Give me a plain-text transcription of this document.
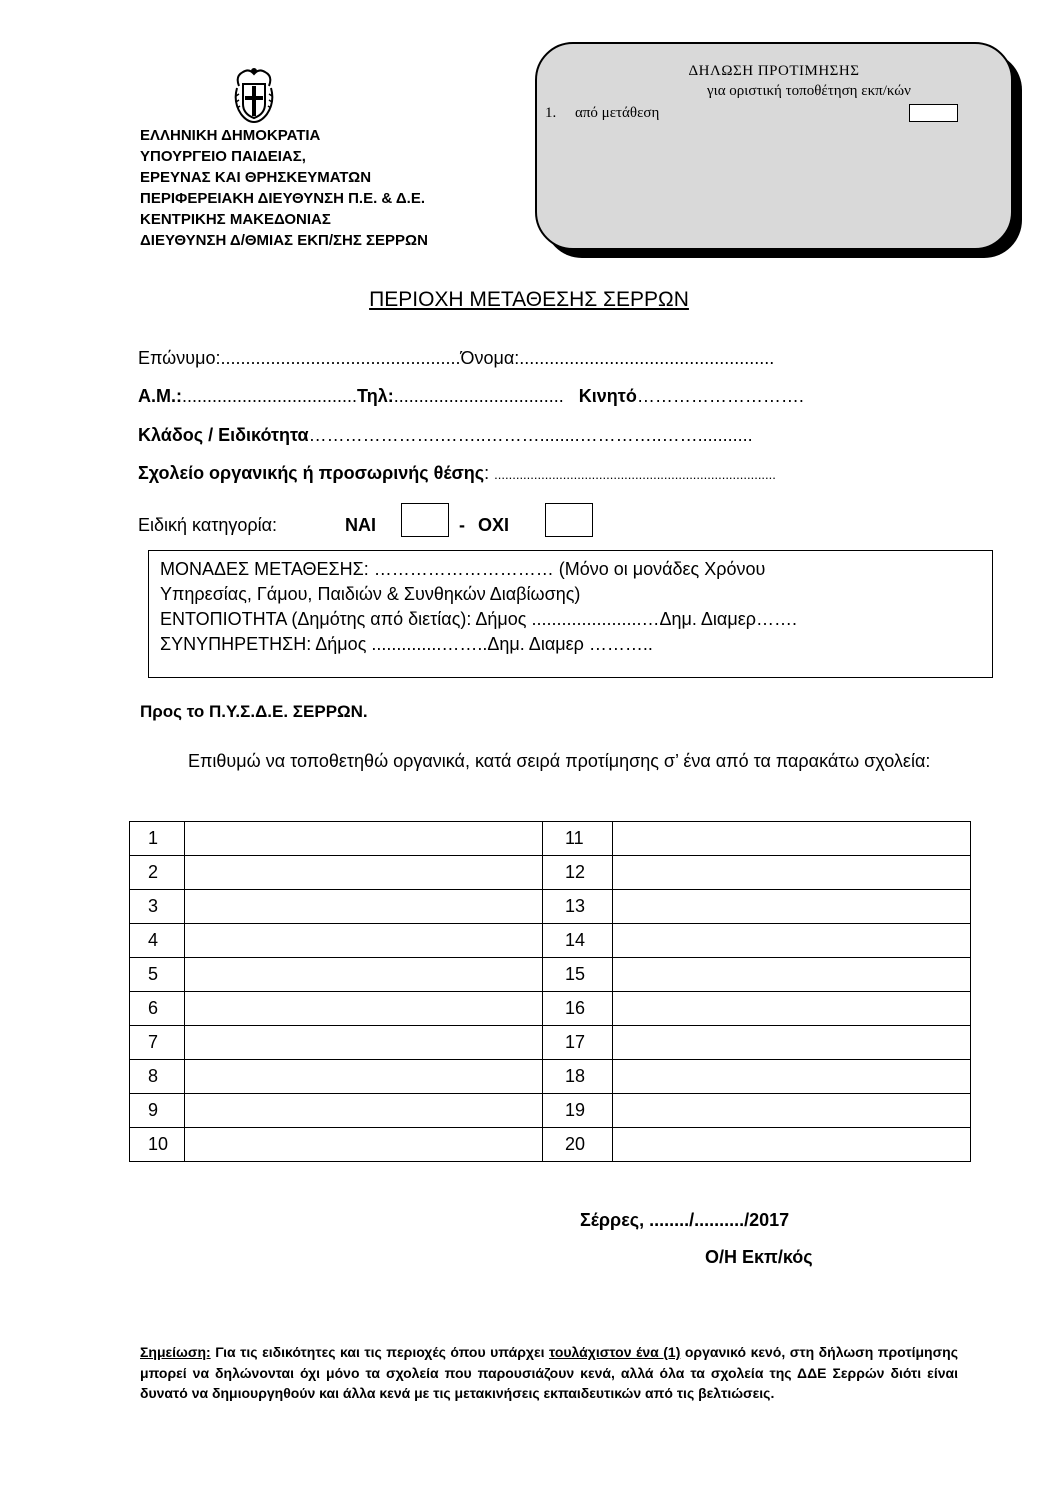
ΕΛΛΗΝΙΚΗ ΔΗΜΟΚΡΑΤΙΑ
ΥΠΟΥΡΓΕΙΟ ΠΑΙΔΕΙΑΣ,
ΕΡΕΥΝΑΣ ΚΑΙ ΘΡΗΣΚΕΥΜΑΤΩΝ
ΠΕΡΙΦΕΡΕΙΑΚΗ ΔΙΕΥΘΥΝΣΗ Π.Ε. & Δ.Ε.
ΚΕΝΤΡΙΚΗΣ ΜΑΚΕΔΟΝΙΑΣ
ΔΙΕΥΘΥΝΣΗ Δ/ΘΜΙΑΣ ΕΚΠ/ΣΗΣ ΣΕΡΡΩΝ
ΔΗΛΩΣΗ ΠΡΟΤΙΜΗΣΗΣ
για οριστική τοποθέτηση εκπ/κών
1. από μετάθεση
ΠΕΡΙΟΧΗ ΜΕΤΑΘΕΣΗΣ ΣΕΡΡΩΝ
Επώνυμο:................................................Όνομα:...................................................
Α.Μ.:...................................Τηλ:.................................. Κινητό……………………….
Κλάδος / Ειδικότητα………………….……..………........…………..……...........
Σχολείο οργανικής ή προσωρινής θέσης: ..............................................................................
Ειδική κατηγορία:	ΝΑΙ	- ΟΧΙ
ΜΟΝΑΔΕΣ ΜΕΤΑΘΕΣΗΣ: ………………………… (Μόνο οι μονάδες Χρόνου
Υπηρεσίας, Γάμου, Παιδιών & Συνθηκών Διαβίωσης)
ΕΝΤΟΠΙΟΤΗΤΑ (Δημότης από διετίας): Δήμος ......................…Δημ. Διαμερ…….
ΣΥΝΥΠΗΡΕΤΗΣΗ: Δήμος ..............……..Δημ. Διαμερ ………..
Προς το Π.Υ.Σ.Δ.Ε. ΣΕΡΡΩΝ.
Επιθυμώ να τοποθετηθώ οργανικά, κατά σειρά προτίμησης σ’ ένα από τα παρακάτω σχολεία:
1		11	
2		12	
3		13	
4		14	
5		15	
6		16	
7		17	
8		18	
9		19	
10		20	
Σέρρες, ......../........../2017
Ο/Η Εκπ/κός
Σημείωση: Για τις ειδικότητες και τις περιοχές όπου υπάρχει τουλάχιστον ένα (1) οργανικό κενό, στη δήλωση προτίμησης μπορεί να δηλώνονται όχι μόνο τα σχολεία που παρουσιάζουν κενά, αλλά όλα τα σχολεία της ΔΔΕ Σερρών διότι είναι δυνατό να δημιουργηθούν και άλλα κενά με τις μετακινήσεις εκπαιδευτικών από τις βελτιώσεις.
